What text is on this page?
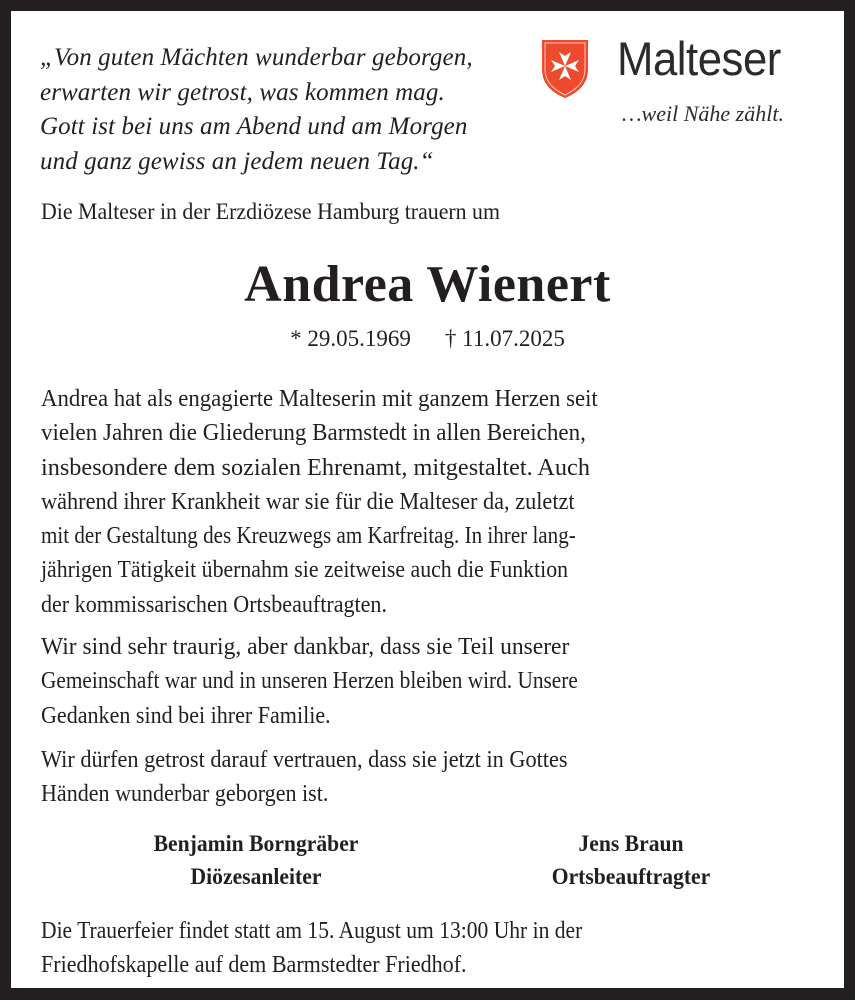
„Von guten Mächten wunderbar geborgen,
erwarten wir getrost, was kommen mag.
Gott ist bei uns am Abend und am Morgen
und ganz gewiss an jedem neuen Tag.“
Malteser
…weil Nähe zählt.
Die Malteser in der Erzdiözese Hamburg trauern um
Andrea Wienert
* 29.05.1969 † 11.07.2025
Andrea hat als engagierte Malteserin mit ganzem Herzen seit
vielen Jahren die Gliederung Barmstedt in allen Bereichen,
insbesondere dem sozialen Ehrenamt, mitgestaltet. Auch
während ihrer Krankheit war sie für die Malteser da, zuletzt
mit der Gestaltung des Kreuzwegs am Karfreitag. In ihrer lang-
jährigen Tätigkeit übernahm sie zeitweise auch die Funktion
der kommissarischen Ortsbeauftragten.
Wir sind sehr traurig, aber dankbar, dass sie Teil unserer
Gemeinschaft war und in unseren Herzen bleiben wird. Unsere
Gedanken sind bei ihrer Familie.
Wir dürfen getrost darauf vertrauen, dass sie jetzt in Gottes
Händen wunderbar geborgen ist.
Benjamin Borngräber
Diözesanleiter
Jens Braun
Ortsbeauftragter
Die Trauerfeier findet statt am 15. August um 13:00 Uhr in der
Friedhofskapelle auf dem Barmstedter Friedhof.
